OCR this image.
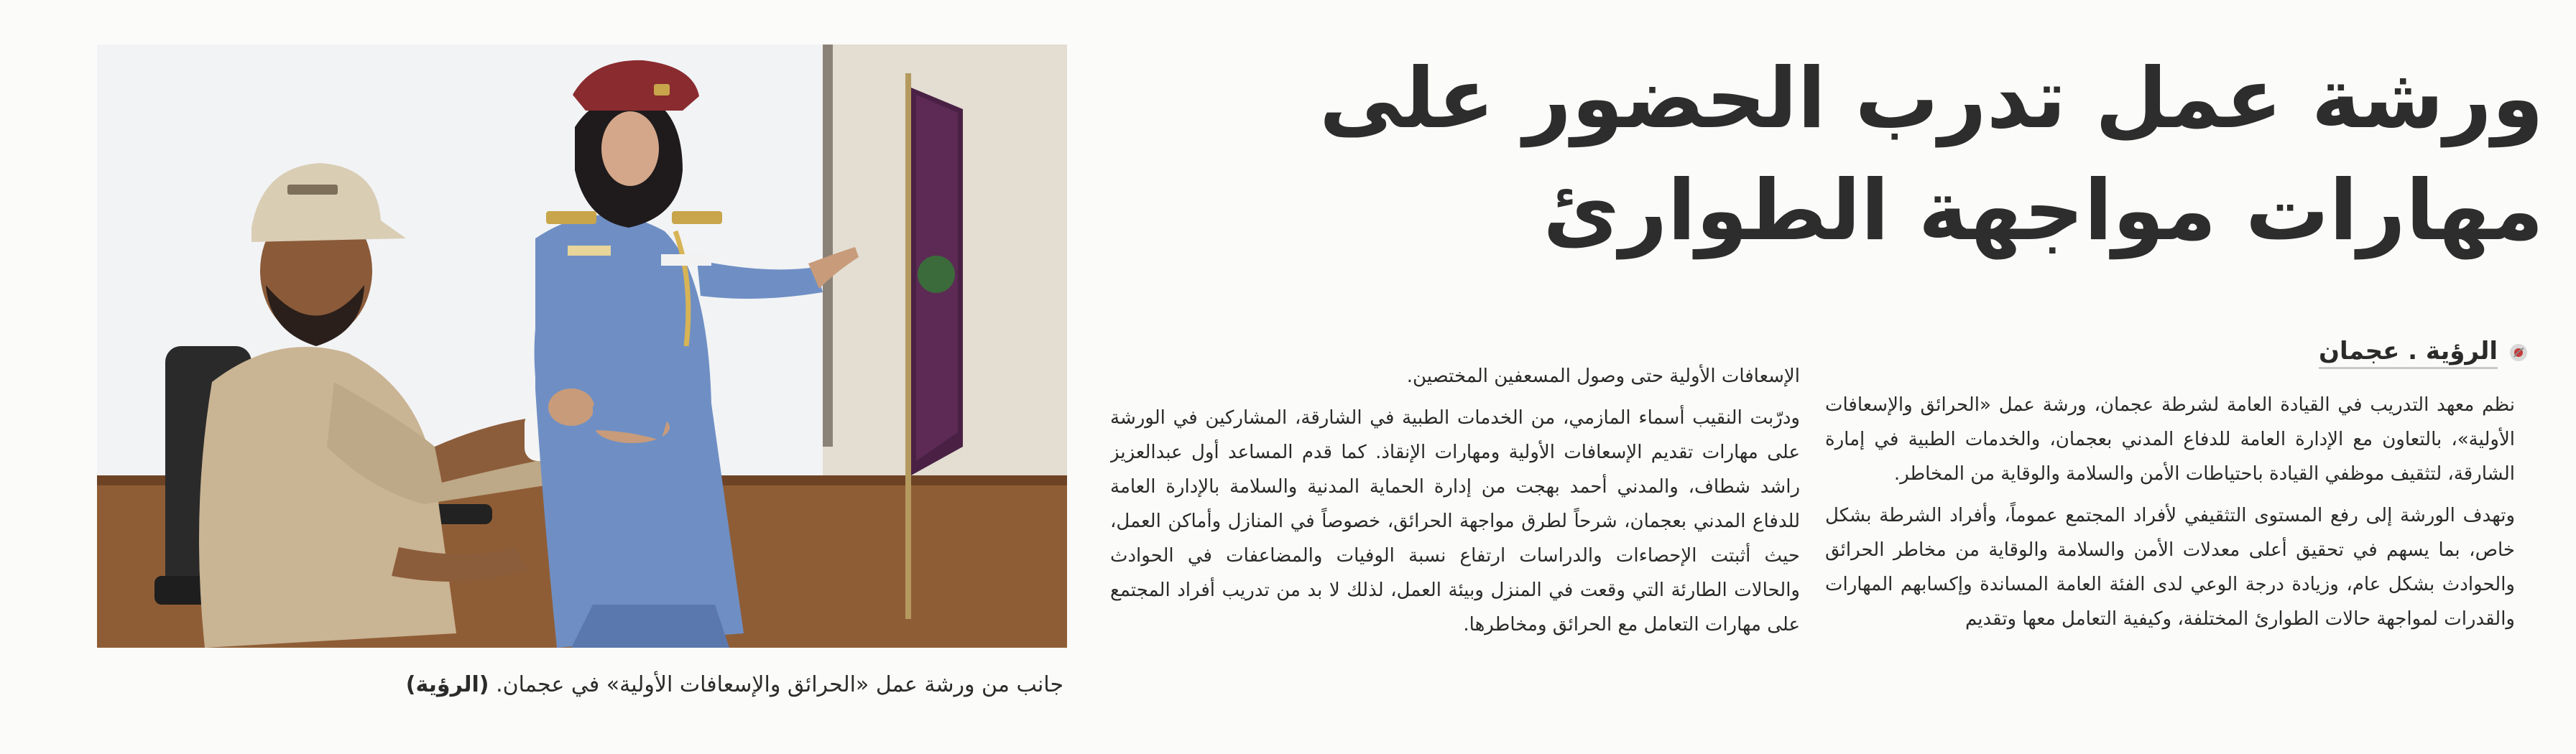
جانب من ورشة عمل «الحرائق والإسعافات الأولية» في عجمان. (الرؤية)
ورشة عمل تدرب الحضور على مهارات مواجهة الطوارئ
الرؤية . عجمان

نظم معهد التدريب في القيادة العامة لشرطة عجمان، ورشة عمل «الحرائق والإسعافات الأولية»، بالتعاون مع الإدارة العامة للدفاع المدني بعجمان، والخدمات الطبية في إمارة الشارقة، لتثقيف موظفي القيادة باحتياطات الأمن والسلامة والوقاية من المخاطر.

وتهدف الورشة إلى رفع المستوى التثقيفي لأفراد المجتمع عموماً، وأفراد الشرطة بشكل خاص، بما يسهم في تحقيق أعلى معدلات الأمن والسلامة والوقاية من مخاطر الحرائق والحوادث بشكل عام، وزيادة درجة الوعي لدى الفئة العامة المساندة وإكسابهم المهارات والقدرات لمواجهة حالات الطوارئ المختلفة، وكيفية التعامل معها وتقديم

الإسعافات الأولية حتى وصول المسعفين المختصين.

ودرّبت النقيب أسماء المازمي، من الخدمات الطبية في الشارقة، المشاركين في الورشة على مهارات تقديم الإسعافات الأولية ومهارات الإنقاذ. كما قدم المساعد أول عبدالعزيز راشد شطاف، والمدني أحمد بهجت من إدارة الحماية المدنية والسلامة بالإدارة العامة للدفاع المدني بعجمان، شرحاً لطرق مواجهة الحرائق، خصوصاً في المنازل وأماكن العمل، حيث أثبتت الإحصاءات والدراسات ارتفاع نسبة الوفيات والمضاعفات في الحوادث والحالات الطارئة التي وقعت في المنزل وبيئة العمل، لذلك لا بد من تدريب أفراد المجتمع على مهارات التعامل مع الحرائق ومخاطرها.
